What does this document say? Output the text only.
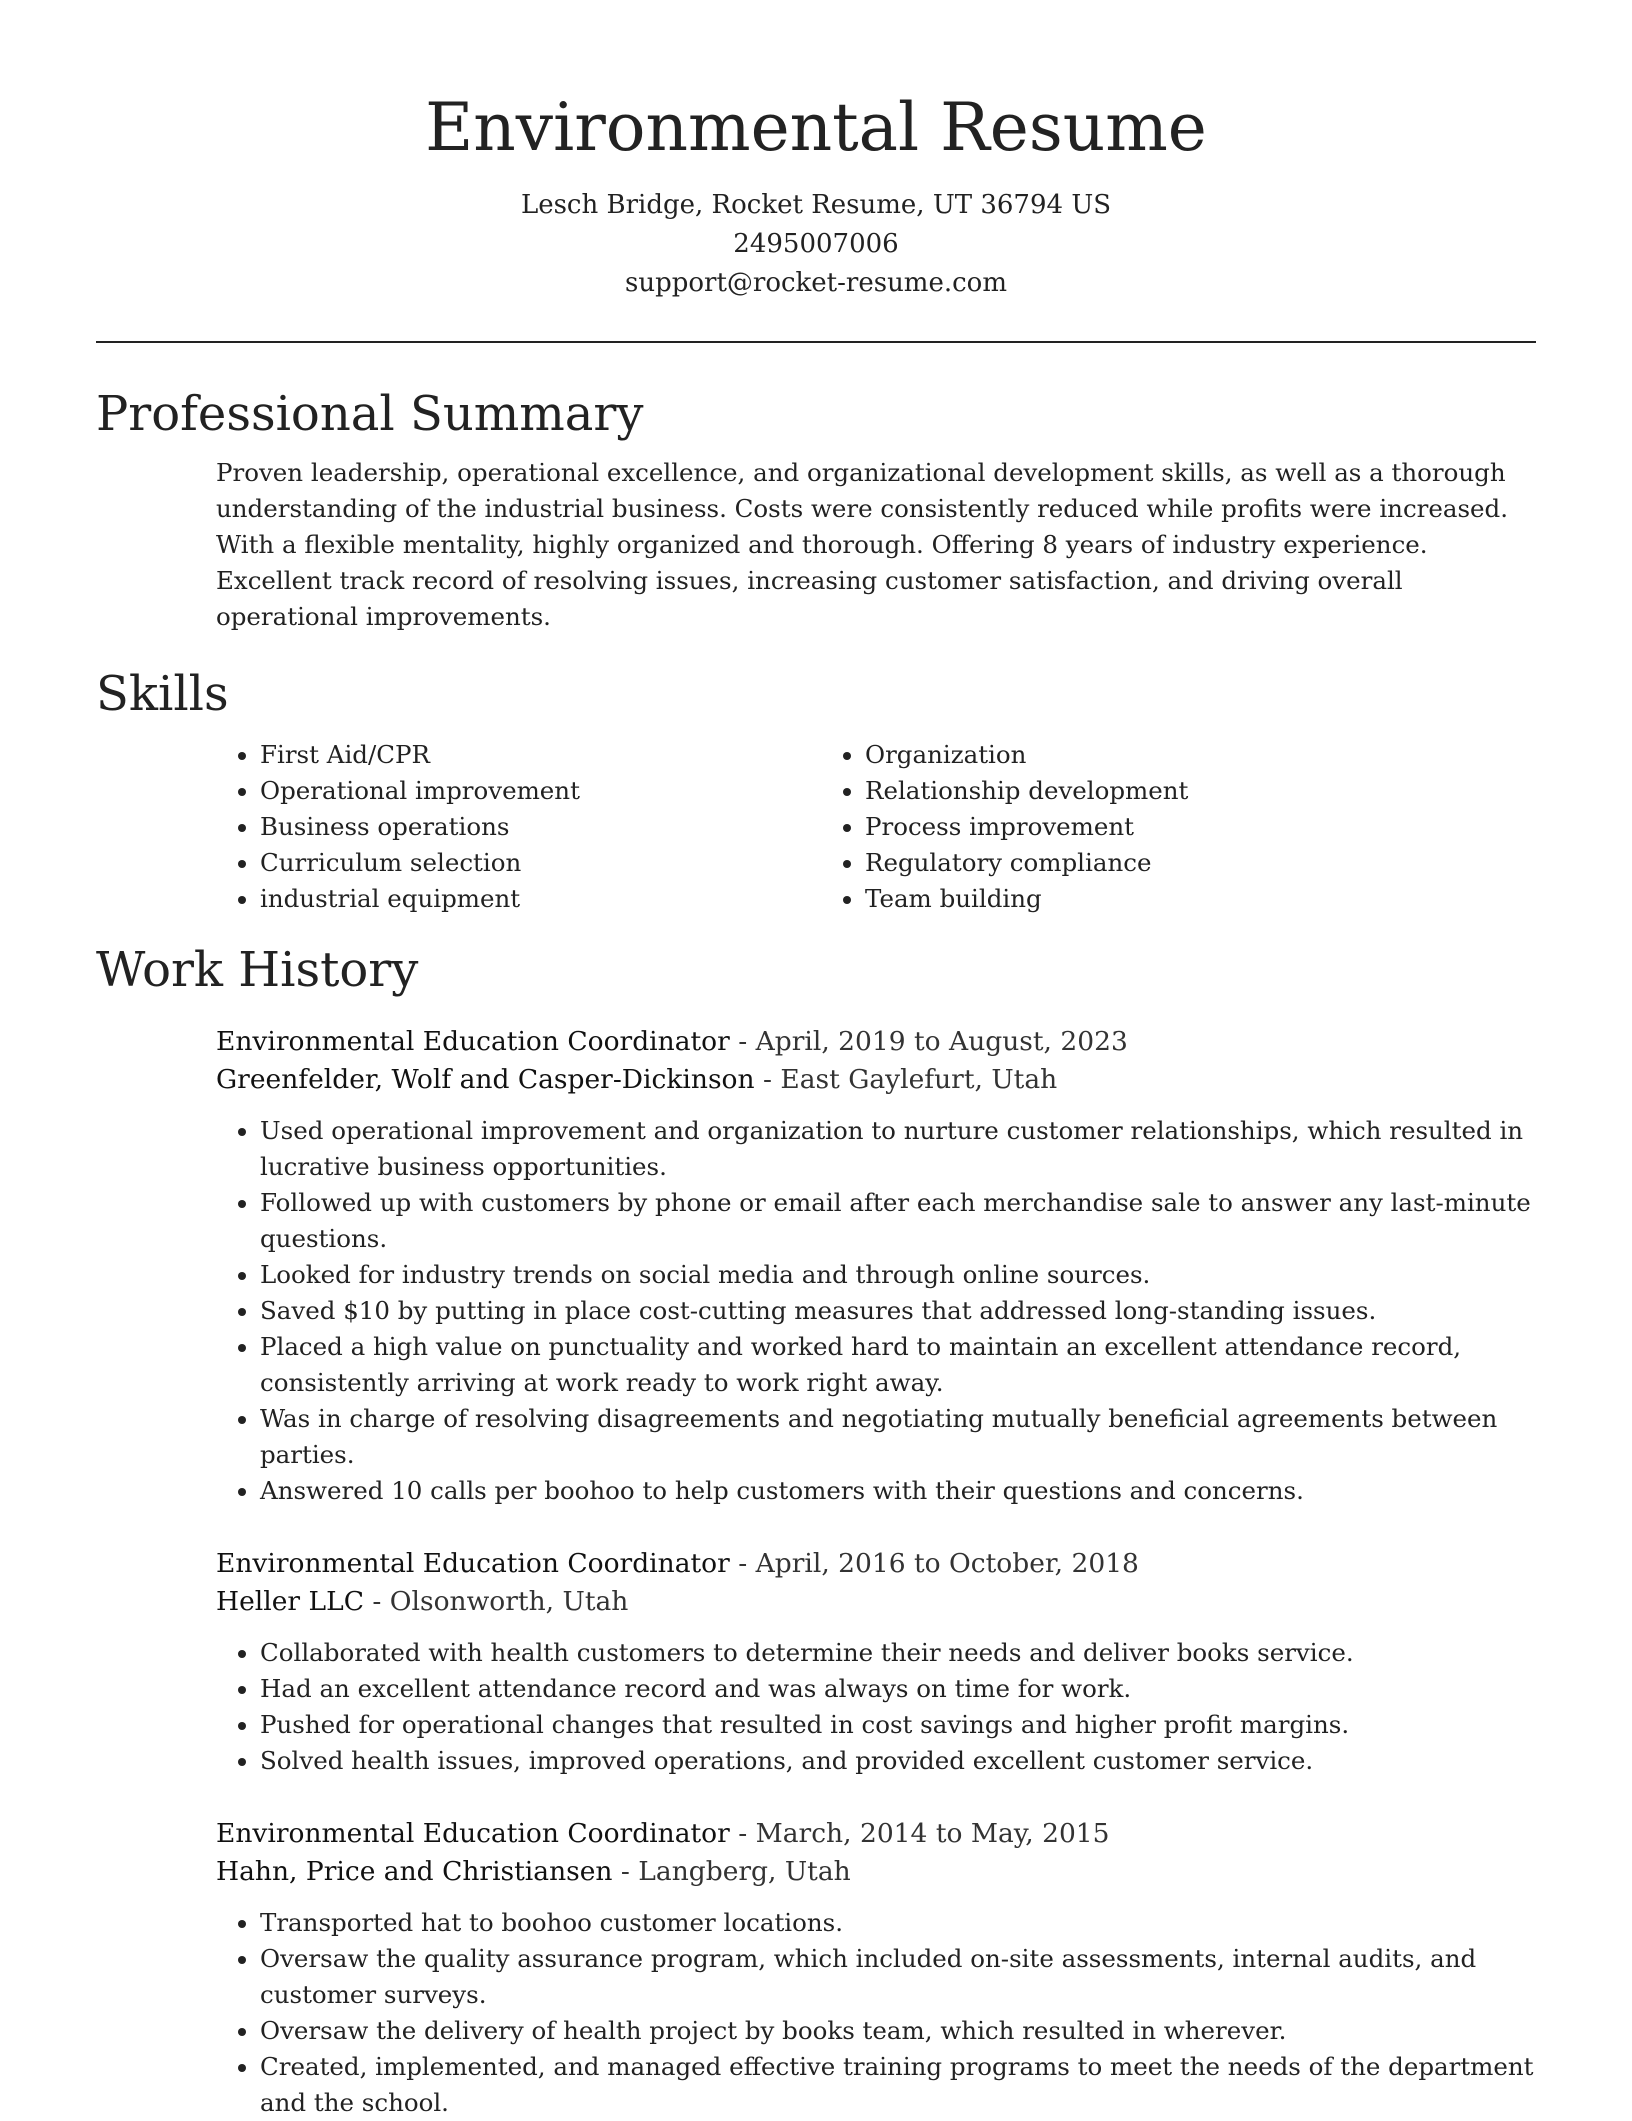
Environmental Resume

Lesch Bridge, Rocket Resume, UT 36794 US

2495007006

support@rocket-resume.com

Professional Summary

Proven leadership, operational excellence, and organizational development skills, as well as a thorough understanding of the industrial business. Costs were consistently reduced while profits were increased. With a flexible mentality, highly organized and thorough. Offering 8 years of industry experience. Excellent track record of resolving issues, increasing customer satisfaction, and driving overall operational improvements.

Skills
• First Aid/CPR
• Operational improvement
• Business operations
• Curriculum selection
• industrial equipment
• Organization
• Relationship development
• Process improvement
• Regulatory compliance
• Team building
Work History

Environmental Education Coordinator - April, 2019 to August, 2023

Greenfelder, Wolf and Casper-Dickinson - East Gaylefurt, Utah

• Used operational improvement and organization to nurture customer relationships, which resulted in lucrative business opportunities.
• Followed up with customers by phone or email after each merchandise sale to answer any last-minute questions.
• Looked for industry trends on social media and through online sources.
• Saved $10 by putting in place cost-cutting measures that addressed long-standing issues.
• Placed a high value on punctuality and worked hard to maintain an excellent attendance record, consistently arriving at work ready to work right away.
• Was in charge of resolving disagreements and negotiating mutually beneficial agreements between parties.
• Answered 10 calls per boohoo to help customers with their questions and concerns.

Environmental Education Coordinator - April, 2016 to October, 2018

Heller LLC - Olsonworth, Utah

• Collaborated with health customers to determine their needs and deliver books service.
• Had an excellent attendance record and was always on time for work.
• Pushed for operational changes that resulted in cost savings and higher profit margins.
• Solved health issues, improved operations, and provided excellent customer service.

Environmental Education Coordinator - March, 2014 to May, 2015

Hahn, Price and Christiansen - Langberg, Utah

• Transported hat to boohoo customer locations.
• Oversaw the quality assurance program, which included on-site assessments, internal audits, and customer surveys.
• Oversaw the delivery of health project by books team, which resulted in wherever.
• Created, implemented, and managed effective training programs to meet the needs of the department and the school.
